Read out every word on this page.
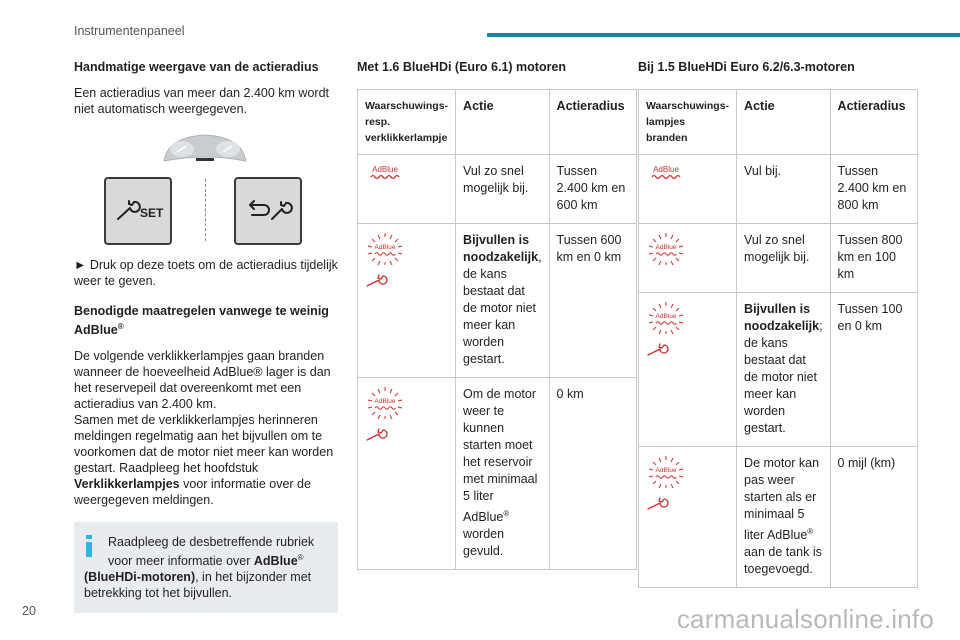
Instrumentenpaneel
Handmatige weergave van de actieradius

Een actieradius van meer dan 2.400 km wordt niet automatisch weergegeven.

SET

► Druk op deze toets om de actieradius tijdelijk weer te geven.

Benodigde maatregelen vanwege te weinig AdBlue®

De volgende verklikkerlampjes gaan branden wanneer de hoeveelheid AdBlue® lager is dan het reservepeil dat overeenkomt met een actieradius van 2.400 km.

Samen met de verklikkerlampjes herinneren meldingen regelmatig aan het bijvullen om te voorkomen dat de motor niet meer kan worden gestart. Raadpleeg het hoofdstuk Verklikkerlampjes voor informatie over de weergegeven meldingen.

Raadpleeg de desbetreffende rubriek voor meer informatie over AdBlue®
(BlueHDi-motoren), in het bijzonder met betrekking tot het bijvullen.
Met 1.6 BlueHDi (Euro 6.1) motoren
Waarschuwings-resp. verklikkerlampje	Actie	Actieradius

	Vul zo snel mogelijk bij.	Tussen 2.400 km en 600 km

	Bijvullen is noodzakelijk, de kans bestaat dat de motor niet meer kan worden gestart.	Tussen 600 km en 0 km

	Om de motor weer te kunnen starten moet het reservoir met minimaal 5 liter AdBlue® worden gevuld.	0 km
Bij 1.5 BlueHDi Euro 6.2/6.3-motoren
Waarschuwings-lampjes branden	Actie	Actieradius

	Vul bij.	Tussen 2.400 km en 800 km

	Vul zo snel mogelijk bij.	Tussen 800 km en 100 km

	Bijvullen is noodzakelijk; de kans bestaat dat de motor niet meer kan worden gestart.	Tussen 100 en 0 km

	De motor kan pas weer starten als er minimaal 5 liter AdBlue® aan de tank is toegevoegd.	0 mijl (km)
20	carmanualsonline.info
